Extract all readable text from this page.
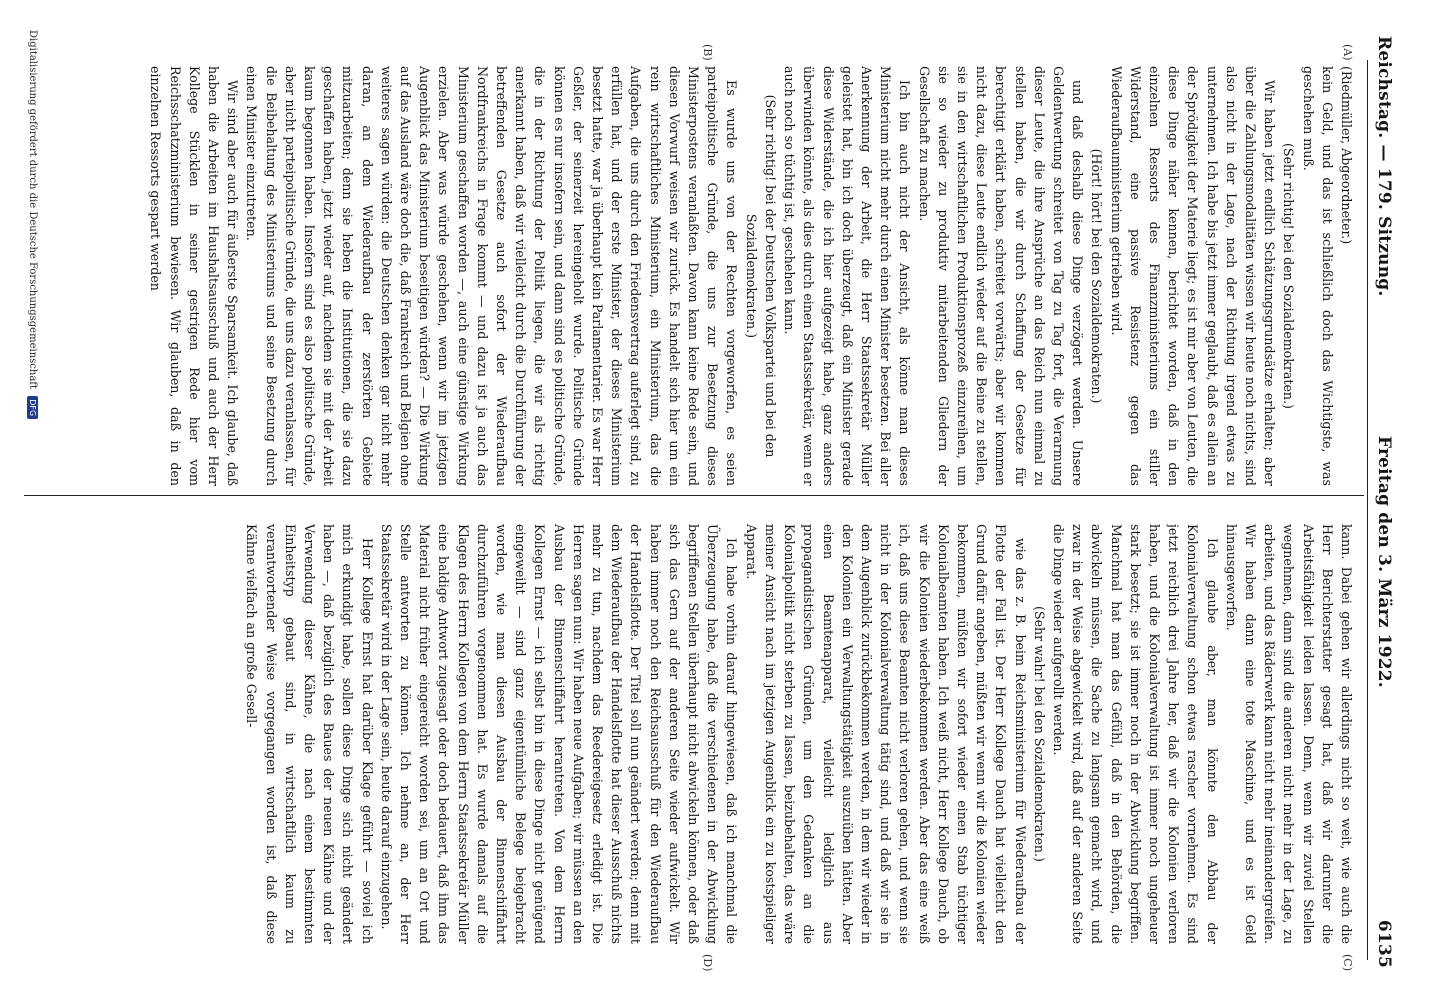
Reichstag. — 179. Sitzung.
Freitag den 3. März 1922.
6135
(A)
(B)
(C)
(D)

(Riedmüller, Abgeordneter.)

kein Geld, und das ist schließlich doch das Wichtigste, was geschehen muß.

(Sehr richtig! bei den Sozialdemokraten.)

Wir haben jetzt endlich Schätzungsgrundsätze erhalten; aber über die Zahlungsmodalitäten wissen wir heute noch nichts, sind also nicht in der Lage, nach der Richtung irgend etwas zu unternehmen. Ich habe bis jetzt immer geglaubt, daß es allein an der Sprödigkeit der Materie liegt; es ist mir aber von Leuten, die diese Dinge näher kennen, berichtet worden, daß in den einzelnen Ressorts des Finanzministeriums ein stiller Widerstand, eine passive Resistenz gegen das Wiederaufbauministerium getrieben wird.

(Hört! hört! bei den Sozialdemokraten.)

und daß deshalb diese Dinge verzögert werden. Unsere Geldentwertung schreitet von Tag zu Tag fort, die Verarmung dieser Leute, die ihre Ansprüche an das Reich nun einmal zu stellen haben, die wir durch Schaffung der Gesetze für berechtigt erklärt haben, schreitet vorwärts; aber wir kommen nicht dazu, diese Leute endlich wieder auf die Beine zu stellen, sie in den wirtschaftlichen Produktionsprozeß einzureihen, um sie so wieder zu produktiv mitarbeitenden Gliedern der Gesellschaft zu machen.

Ich bin auch nicht der Ansicht, als könne man dieses Ministerium nicht mehr durch einen Minister besetzen. Bei aller Anerkennung der Arbeit, die Herr Staatssekretär Müller geleistet hat, bin ich doch überzeugt, daß ein Minister gerade diese Widerstände, die ich hier aufgezeigt habe, ganz anders überwinden könnte, als dies durch einen Staatssekretär, wenn er auch noch so tüchtig ist, geschehen kann.

(Sehr richtig! bei der Deutschen Volkspartei und bei den Sozialdemokraten.)

Es wurde uns von der Rechten vorgeworfen, es seien parteipolitische Gründe, die uns zur Besetzung dieses Ministerpostens veranlaßten. Davon kann keine Rede sein, und diesen Vorwurf weisen wir zurück. Es handelt sich hier um ein rein wirtschaftliches Ministerium, ein Ministerium, das die Aufgaben, die uns durch den Friedensvertrag auferlegt sind, zu erfüllen hat, und der erste Minister, der dieses Ministerium besetzt hatte, war ja überhaupt kein Parlamentarier. Es war Herr Geßler, der seinerzeit hereingeholt wurde. Politische Gründe können es nur insofern sein, und dann sind es politische Gründe, die in der Richtung der Politik liegen, die wir als richtig anerkannt haben, daß wir vielleicht durch die Durchführung der betreffenden Gesetze auch sofort der Wiederaufbau Nordfrankreichs in Frage kommt — und dazu ist ja auch das Ministerium geschaffen worden —, auch eine günstige Wirkung erzielen. Aber was würde geschehen, wenn wir im jetzigen Augenblick das Ministerium beseitigen würden? — Die Wirkung auf das Ausland wäre doch die, daß Frankreich und Belgien ohne weiteres sagen würden: die Deutschen denken gar nicht mehr daran, an dem Wiederaufbau der zerstörten Gebiete mitzuarbeiten; denn sie heben die Institutionen, die sie dazu geschaffen haben, jetzt wieder auf, nachdem sie mit der Arbeit kaum begonnen haben. Insofern sind es also politische Gründe, aber nicht parteipolitische Gründe, die uns dazu veranlassen, für die Beibehaltung des Ministeriums und seine Besetzung durch einen Minister einzutreten.

Wir sind aber auch für äußerste Sparsamkeit. Ich glaube, daß haben die Arbeiten im Haushaltsausschuß und auch der Herr Kollege Stücklen in seiner gestrigen Rede hier vom Reichsschatzministerium bewiesen. Wir glauben, daß in den einzelnen Ressorts gespart werden

kann. Dabei gehen wir allerdings nicht so weit, wie auch die Herr Berichterstatter gesagt hat, daß wir darunter die Arbeitsfähigkeit leiden lassen. Denn, wenn wir zuviel Stellen wegnehmen, dann sind die anderen nicht mehr in der Lage, zu arbeiten, und das Räderwerk kann nicht mehr ineinandergreifen. Wir haben dann eine tote Maschine, und es ist Geld hinausgeworfen.

Ich glaube aber, man könnte den Abbau der Kolonialverwaltung schon etwas rascher vornehmen. Es sind jetzt reichlich drei Jahre her, daß wir die Kolonien verloren haben, und die Kolonialverwaltung ist immer noch ungeheuer stark besetzt; sie ist immer noch in der Abwicklung begriffen. Manchmal hat man das Gefühl, daß in den Behörden, die abwickeln müssen, die Sache zu langsam gemacht wird, und zwar in der Weise abgewickelt wird, daß auf der anderen Seite die Dinge wieder aufgerollt werden.

(Sehr wahr! bei den Sozialdemokraten.)

wie das z. B. beim Reichsministerium für Wiederaufbau der Flotte der Fall ist. Der Herr Kollege Dauch hat vielleicht den Grund dafür angeben, müßten wir wenn wir die Kolonien wieder bekommen, müßten wir sofort wieder einen Stab tüchtiger Kolonialbeamten haben. Ich weiß nicht, Herr Kollege Dauch, ob wir die Kolonien wiederbekommen werden. Aber das eine weiß ich, daß uns diese Beamten nicht verloren gehen, und wenn sie nicht in der Kolonialverwaltung tätig sind, und daß wir sie in dem Augenblick zurückbekommen werden, in dem wir wieder in den Kolonien ein Verwaltungstätigkeit auszuüben hätten. Aber einen Beamtenapparat, vielleicht lediglich aus propagandistischen Gründen, um den Gedanken an die Kolonialpolitik nicht sterben zu lassen, beizubehalten, das wäre meiner Ansicht nach im jetzigen Augenblick ein zu kostspieliger Apparat.

Ich habe vorhin darauf hingewiesen, daß ich manchmal die Überzeugung habe, daß die verschiedenen in der Abwicklung begriffenen Stellen überhaupt nicht abwickeln können, oder daß sich das Gern auf der anderen Seite wieder aufwickelt. Wir haben immer noch den Reichsausschuß für den Wiederaufbau der Handelsflotte. Der Titel soll nun geändert werden; denn mit dem Wiederaufbau der Handelsflotte hat dieser Ausschuß nichts mehr zu tun, nachdem das Reedereigesetz erledigt ist. Die Herren sagen nun: Wir haben neue Aufgaben; wir müssen an den Ausbau der Binnenschiffahrt herantreten. Von dem Herrn Kollegen Ernst — ich selbst bin in diese Dinge nicht genügend eingeweiht — sind ganz eigentümliche Belege beigebracht worden, wie man diesen Ausbau der Binnenschiffahrt durchzuführen vorgenommen hat. Es wurde damals auf die Klagen des Herrn Kollegen von dem Herrn Staatssekretär Müller eine baldige Antwort zugesagt oder doch bedauert, daß ihm das Material nicht früher eingereicht worden sei, um an Ort und Stelle antworten zu können. Ich nehme an, der Herr Staatssekretär wird in der Lage sein, heute darauf einzugehen.

Herr Kollege Ernst hat darüber Klage geführt — soviel ich mich erkundigt habe, sollen diese Dinge sich nicht geändert haben —, daß bezüglich des Baues der neuen Kähne und der Verwendung dieser Kähne, die nach einem bestimmten Einheitstyp gebaut sind, in wirtschaftlich kaum zu verantwortender Weise vorgegangen worden ist, daß diese Kähne vielfach an große Gesell-

Digitalisierung gefördert durch die Deutsche Forschungsgemeinschaft DFG
